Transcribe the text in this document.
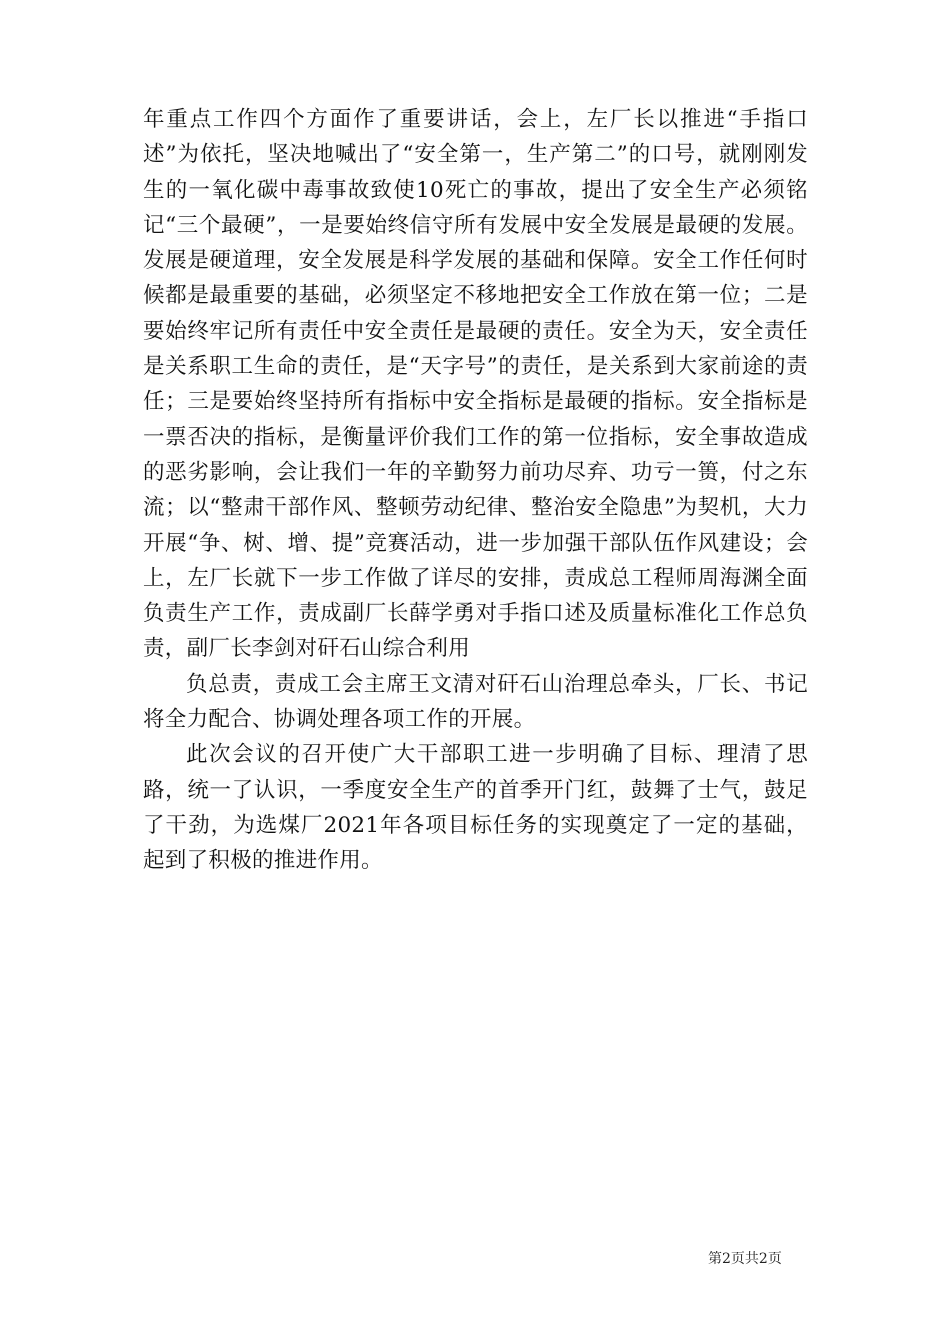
年重点工作四个方面作了重要讲话，会上，左厂长以推进“手指口述”为依托，坚决地喊出了“安全第一，生产第二”的口号，就刚刚发生的一氧化碳中毒事故致使10死亡的事故，提出了安全生产必须铭记“三个最硬”，一是要始终信守所有发展中安全发展是最硬的发展。发展是硬道理，安全发展是科学发展的基础和保障。安全工作任何时候都是最重要的基础，必须坚定不移地把安全工作放在第一位；二是要始终牢记所有责任中安全责任是最硬的责任。安全为天，安全责任是关系职工生命的责任，是“天字号”的责任，是关系到大家前途的责任；三是要始终坚持所有指标中安全指标是最硬的指标。安全指标是一票否决的指标，是衡量评价我们工作的第一位指标，安全事故造成的恶劣影响，会让我们一年的辛勤努力前功尽弃、功亏一篑，付之东流；以“整肃干部作风、整顿劳动纪律、整治安全隐患”为契机，大力开展“争、树、增、提”竞赛活动，进一步加强干部队伍作风建设；会上，左厂长就下一步工作做了详尽的安排，责成总工程师周海渊全面负责生产工作，责成副厂长薛学勇对手指口述及质量标准化工作总负责，副厂长李剑对矸石山综合利用

负总责，责成工会主席王文清对矸石山治理总牵头，厂长、书记将全力配合、协调处理各项工作的开展。

此次会议的召开使广大干部职工进一步明确了目标、理清了思路，统一了认识，一季度安全生产的首季开门红，鼓舞了士气，鼓足了干劲，为选煤厂2021年各项目标任务的实现奠定了一定的基础，起到了积极的推进作用。

第2页共2页
